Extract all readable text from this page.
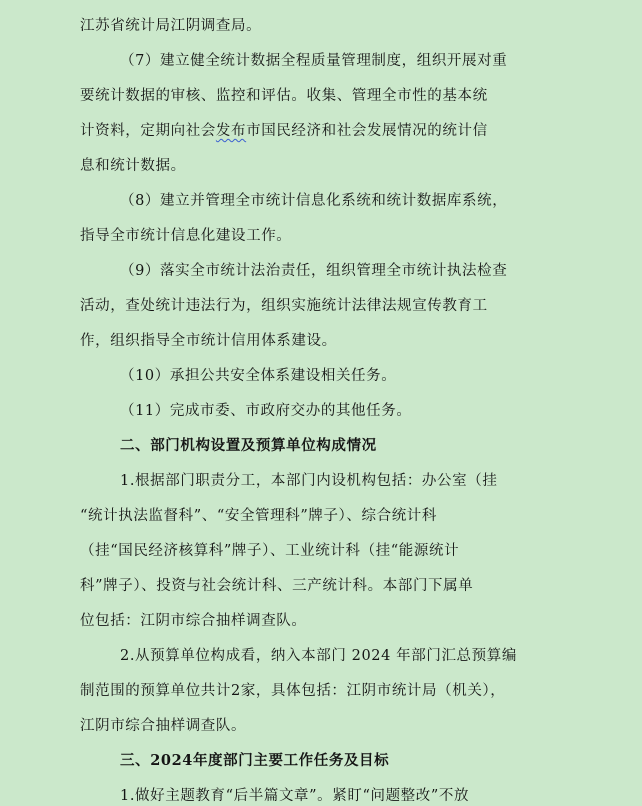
江苏省统计局江阴调查局。
（7）建立健全统计数据全程质量管理制度，组织开展对重
要统计数据的审核、监控和评估。收集、管理全市性的基本统
计资料，定期向社会发布市国民经济和社会发展情况的统计信
息和统计数据。
（8）建立并管理全市统计信息化系统和统计数据库系统，
指导全市统计信息化建设工作。
（9）落实全市统计法治责任，组织管理全市统计执法检查
活动，查处统计违法行为，组织实施统计法律法规宣传教育工
作，组织指导全市统计信用体系建设。
（10）承担公共安全体系建设相关任务。
（11）完成市委、市政府交办的其他任务。
二、部门机构设置及预算单位构成情况
1.根据部门职责分工，本部门内设机构包括：办公室（挂
“统计执法监督科”、“安全管理科”牌子）、综合统计科
（挂“国民经济核算科”牌子）、工业统计科（挂“能源统计
科”牌子）、投资与社会统计科、三产统计科。本部门下属单
位包括：江阴市综合抽样调查队。
2.从预算单位构成看，纳入本部门 2024 年部门汇总预算编
制范围的预算单位共计2家，具体包括：江阴市统计局（机关），
江阴市综合抽样调查队。
三、2024年度部门主要工作任务及目标
1.做好主题教育“后半篇文章”。紧盯“问题整改”不放
